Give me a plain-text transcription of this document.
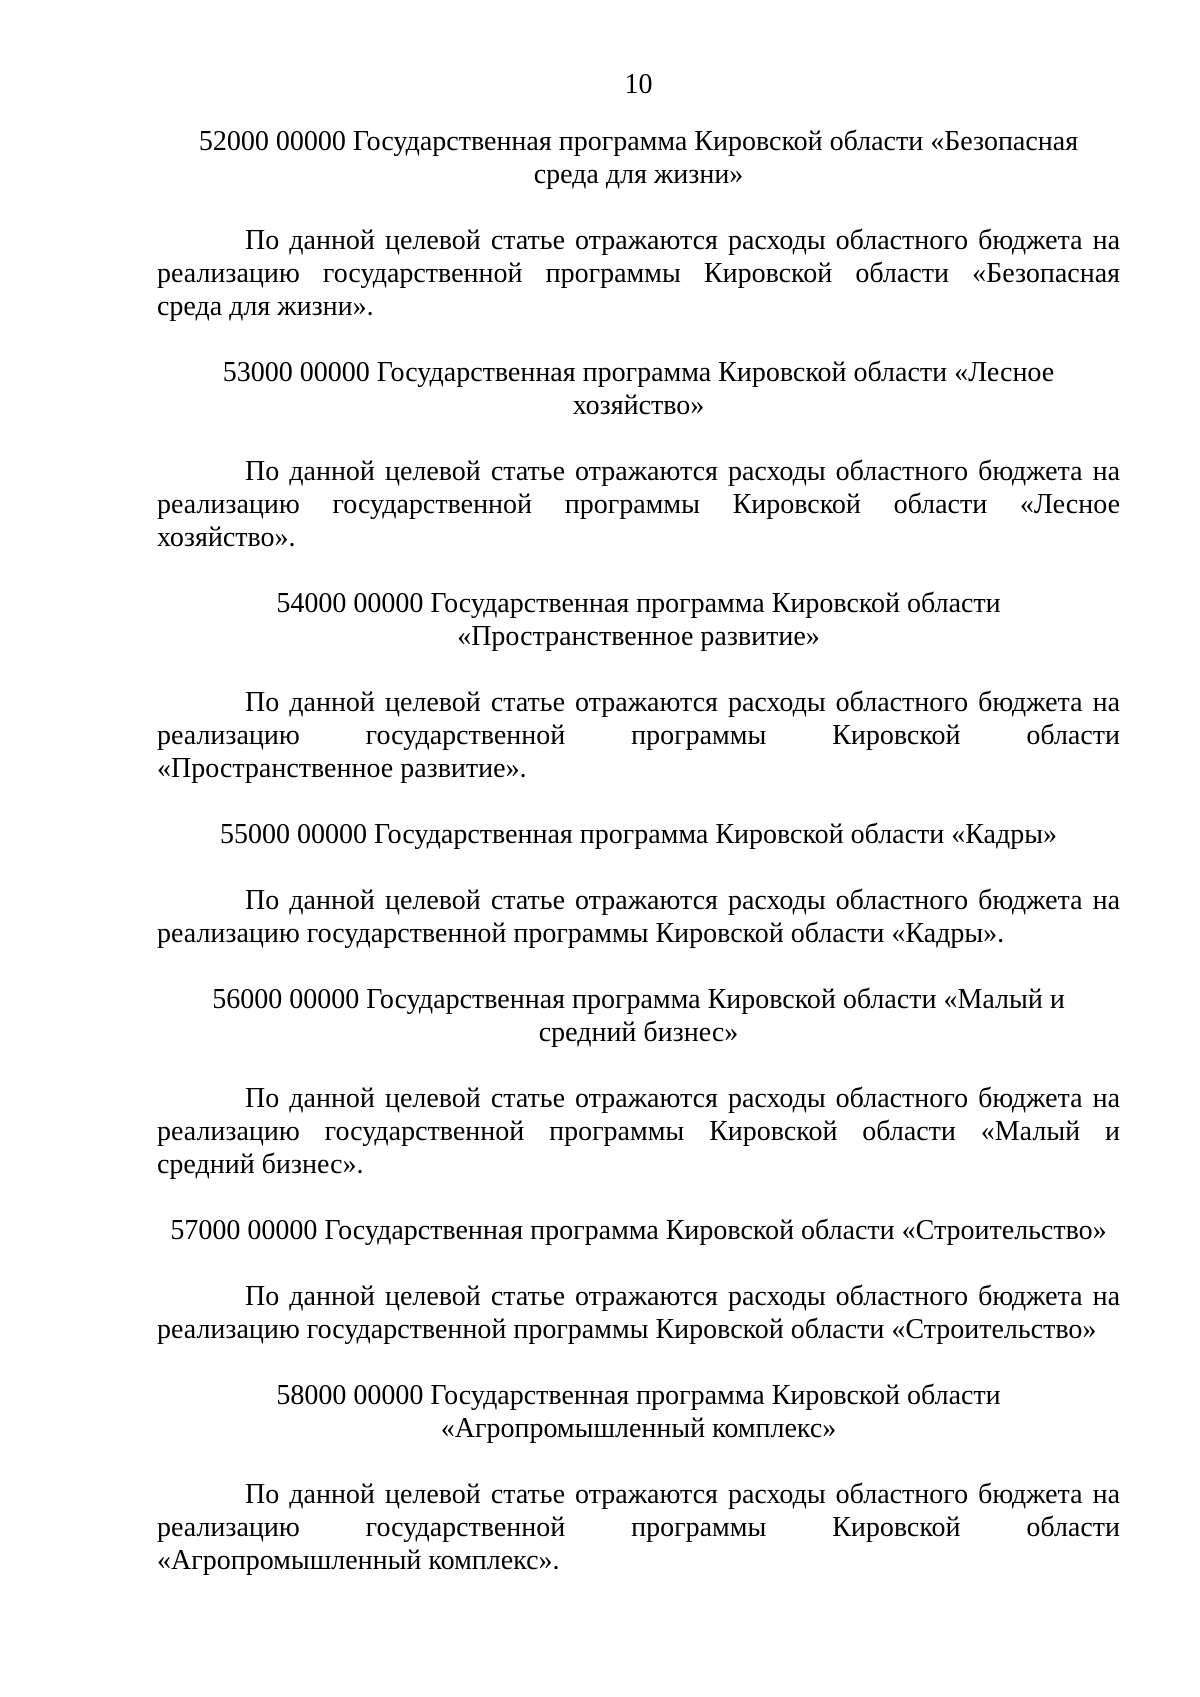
10
52000 00000 Государственная программа Кировской области «Безопасная
среда для жизни»
По данной целевой статье отражаются расходы областного бюджета на
реализацию государственной программы Кировской области «Безопасная
среда для жизни».
53000 00000 Государственная программа Кировской области «Лесное
хозяйство»
По данной целевой статье отражаются расходы областного бюджета на
реализацию государственной программы Кировской области «Лесное
хозяйство».
54000 00000 Государственная программа Кировской области
«Пространственное развитие»
По данной целевой статье отражаются расходы областного бюджета на
реализацию государственной программы Кировской области
«Пространственное развитие».
55000 00000 Государственная программа Кировской области «Кадры»
По данной целевой статье отражаются расходы областного бюджета на
реализацию государственной программы Кировской области «Кадры».
56000 00000 Государственная программа Кировской области «Малый и
средний бизнес»
По данной целевой статье отражаются расходы областного бюджета на
реализацию государственной программы Кировской области «Малый и
средний бизнес».
57000 00000 Государственная программа Кировской области «Строительство»
По данной целевой статье отражаются расходы областного бюджета на
реализацию государственной программы Кировской области «Строительство»
58000 00000 Государственная программа Кировской области
«Агропромышленный комплекс»
По данной целевой статье отражаются расходы областного бюджета на
реализацию государственной программы Кировской области
«Агропромышленный комплекс».
